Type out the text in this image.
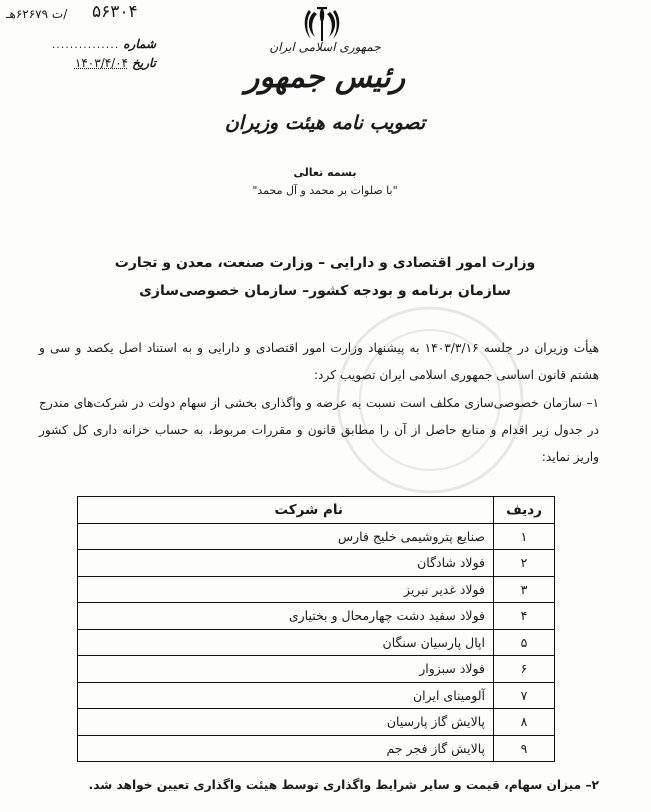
۵۶۳۰۴
/ت ۶۲۶۷۹هـ
شماره
...............
تاریخ
۱۴۰۳/۴/۰۴
جمهوری اسلامی ایران
رئیس جمهور
تصویب نامه هیئت وزیران
بسمه تعالی
"با صلوات بر محمد و آل محمد"
وزارت امور اقتصادی و دارایی – وزارت صنعت، معدن و تجارت
سازمان برنامه و بودجه کشور– سازمان خصوصی‌سازی
هیأت وزیران در جلسه ۱۴۰۳/۳/۱۶ به پیشنهاد وزارت امور اقتصادی و دارایی و به استناد اصل یکصد و سی و هشتم قانون اساسی جمهوری اسلامی ایران تصویب کرد:
۱– سازمان خصوصی‌سازی مکلف است نسبت به عرضه و واگذاری بخشی از سهام دولت در شرکت‌های مندرج در جدول زیر اقدام و منابع حاصل از آن را مطابق قانون و مقررات مربوط، به حساب خزانه داری کل کشور واریز نماید:
ردیف	نام شرکت
۱	صنایع پتروشیمی خلیج فارس
۲	فولاد شادگان
۳	فولاد غدیر نیریز
۴	فولاد سفید دشت چهارمحال و بختیاری
۵	اپال پارسیان سنگان
۶	فولاد سبزوار
۷	آلومینای ایران
۸	پالایش گاز پارسیان
۹	پالایش گاز فجر جم
۲– میزان سهام، قیمت و سایر شرایط واگذاری توسط هیئت واگذاری تعیین خواهد شد.
